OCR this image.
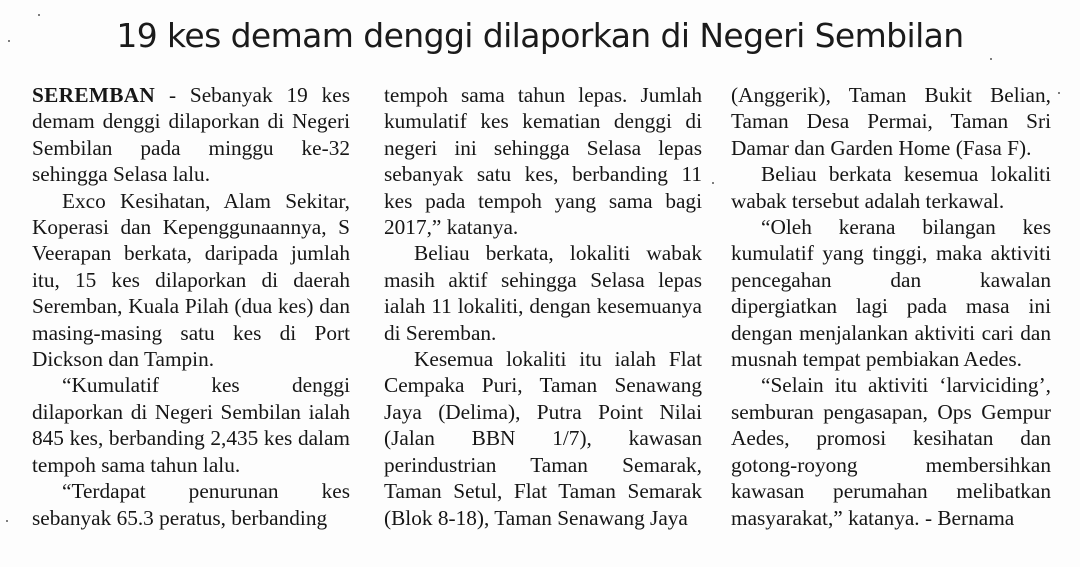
19 kes demam denggi dilaporkan di Negeri Sembilan

SEREMBAN - Sebanyak 19 kes demam denggi dilaporkan di Negeri Sembilan pada minggu ke-32 sehingga Selasa lalu.

Exco Kesihatan, Alam Sekitar, Koperasi dan Kepenggunaannya, S Veerapan berkata, daripada jumlah itu, 15 kes dilaporkan di daerah Seremban, Kuala Pilah (dua kes) dan masing-masing satu kes di Port Dickson dan Tampin.

“Kumulatif kes denggi dilaporkan di Negeri Sembilan ialah 845 kes, berbanding 2,435 kes dalam tempoh sama tahun lalu.

“Terdapat penurunan kes sebanyak 65.3 peratus, berbanding

tempoh sama tahun lepas. Jumlah kumulatif kes kematian denggi di negeri ini sehingga Selasa lepas sebanyak satu kes, berbanding 11 kes pada tempoh yang sama bagi 2017,” katanya.

Beliau berkata, lokaliti wabak masih aktif sehingga Selasa lepas ialah 11 lokaliti, dengan kesemuanya di Seremban.

Kesemua lokaliti itu ialah Flat Cempaka Puri, Taman Senawang Jaya (Delima), Putra Point Nilai (Jalan BBN 1/7), kawasan perindustrian Taman Semarak, Taman Setul, Flat Taman Semarak (Blok 8-18), Taman Senawang Jaya

(Anggerik), Taman Bukit Belian, Taman Desa Permai, Taman Sri Damar dan Garden Home (Fasa F).

Beliau berkata kesemua lokaliti wabak tersebut adalah terkawal.

“Oleh kerana bilangan kes kumulatif yang tinggi, maka aktiviti pencegahan dan kawalan dipergiatkan lagi pada masa ini dengan menjalankan aktiviti cari dan musnah tempat pembiakan Aedes.

“Selain itu aktiviti ‘larviciding’, semburan pengasapan, Ops Gempur Aedes, promosi kesihatan dan gotong-royong membersihkan kawasan perumahan melibatkan masyarakat,” katanya. - Bernama
